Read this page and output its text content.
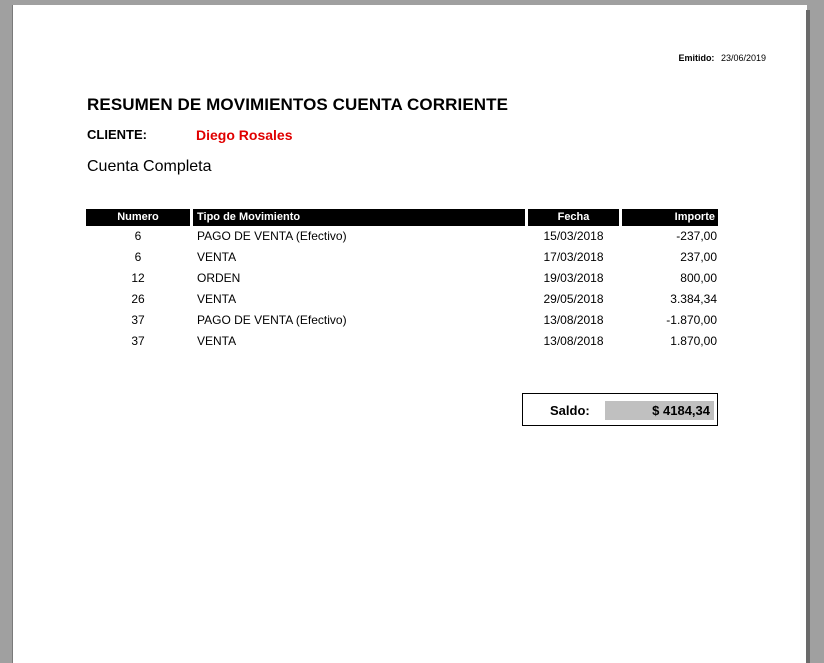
Emitido: 23/06/2019
RESUMEN DE MOVIMIENTOS CUENTA CORRIENTE
CLIENTE:	Diego Rosales
Cuenta Completa
Numero	Tipo de Movimiento	Fecha	Importe
6	PAGO DE VENTA (Efectivo)	15/03/2018	-237,00
6	VENTA	17/03/2018	237,00
12	ORDEN	19/03/2018	800,00
26	VENTA	29/05/2018	3.384,34
37	PAGO DE VENTA (Efectivo)	13/08/2018	-1.870,00
37	VENTA	13/08/2018	1.870,00
Saldo:	$ 4184,34
